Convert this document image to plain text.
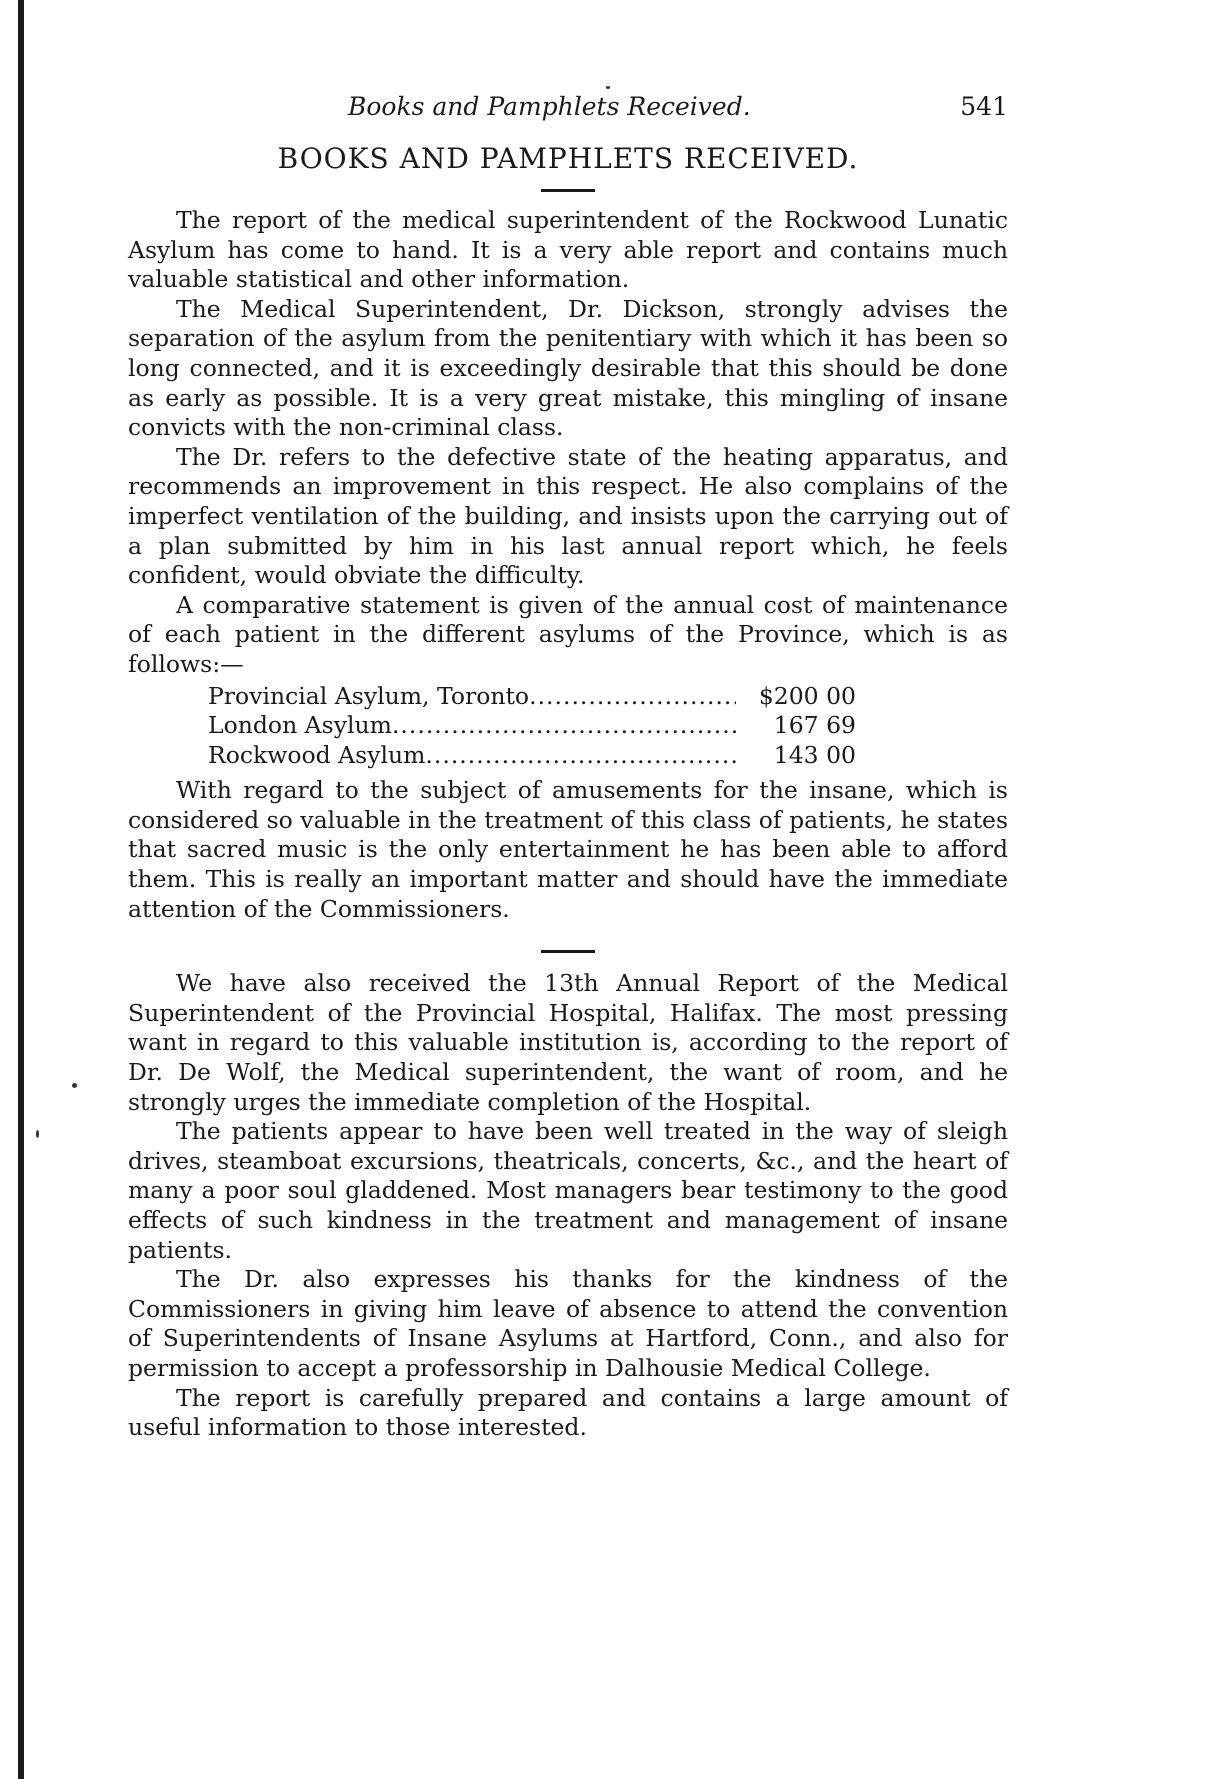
Books and Pamphlets Received.	541
BOOKS AND PAMPHLETS RECEIVED.

The report of the medical superintendent of the Rockwood Lunatic Asylum has come to hand. It is a very able report and contains much valuable statistical and other information.

The Medical Superintendent, Dr. Dickson, strongly advises the separation of the asylum from the penitentiary with which it has been so long connected, and it is exceedingly desirable that this should be done as early as possible. It is a very great mistake, this mingling of insane convicts with the non-criminal class.

The Dr. refers to the defective state of the heating apparatus, and recommends an improvement in this respect. He also complains of the imperfect ventilation of the building, and insists upon the carrying out of a plan submitted by him in his last annual report which, he feels confident, would obviate the difficulty.

A comparative statement is given of the annual cost of maintenance of each patient in the different asylums of the Province, which is as follows:—

Provincial Asylum, Toronto .....	$200 00
London Asylum .....	167 69
Rockwood Asylum .....	143 00

With regard to the subject of amusements for the insane, which is considered so valuable in the treatment of this class of patients, he states that sacred music is the only entertainment he has been able to afford them. This is really an important matter and should have the immediate attention of the Commissioners.

We have also received the 13th Annual Report of the Medical Superintendent of the Provincial Hospital, Halifax. The most pressing want in regard to this valuable institution is, according to the report of Dr. De Wolf, the Medical superintendent, the want of room, and he strongly urges the immediate completion of the Hospital.

The patients appear to have been well treated in the way of sleigh drives, steamboat excursions, theatricals, concerts, &c., and the heart of many a poor soul gladdened. Most managers bear testimony to the good effects of such kindness in the treatment and management of insane patients.

The Dr. also expresses his thanks for the kindness of the Commissioners in giving him leave of absence to attend the convention of Superintendents of Insane Asylums at Hartford, Conn., and also for permission to accept a professorship in Dalhousie Medical College.

The report is carefully prepared and contains a large amount of useful information to those interested.
